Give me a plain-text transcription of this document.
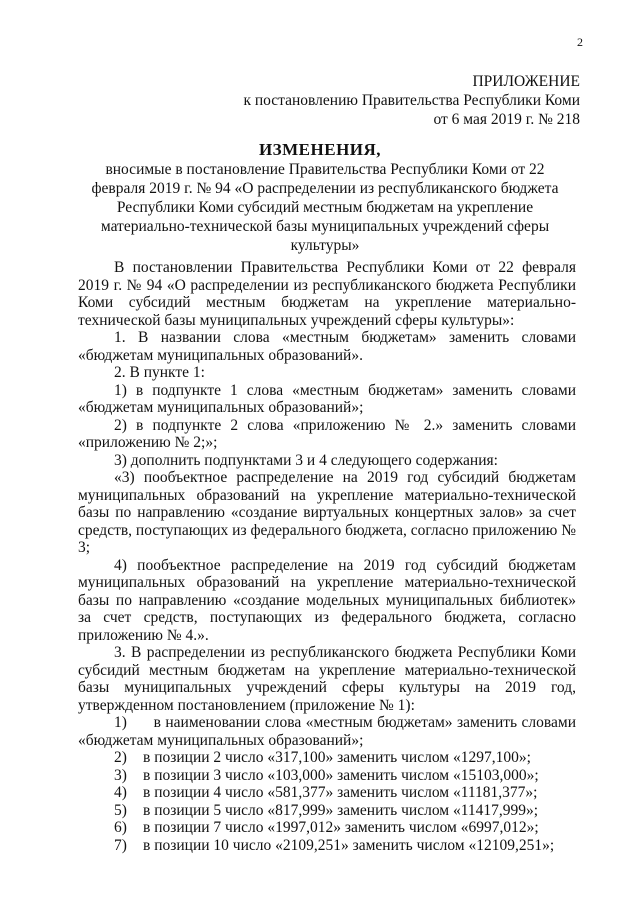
2
ПРИЛОЖЕНИЕ
к постановлению Правительства Республики Коми
от 6 мая 2019 г. № 218
ИЗМЕНЕНИЯ,
вносимые в постановление Правительства Республики Коми от 22 февраля 2019 г. № 94 «О распределении из республиканского бюджета Республики Коми субсидий местным бюджетам на укрепление материально-технической базы муниципальных учреждений сферы культуры»

В постановлении Правительства Республики Коми от 22 февраля 2019 г. № 94 «О распределении из республиканского бюджета Республики Коми субсидий местным бюджетам на укрепление материально-технической базы муниципальных учреждений сферы культуры»:

1. В названии слова «местным бюджетам» заменить словами «бюджетам муниципальных образований».

2. В пункте 1:

1) в подпункте 1 слова «местным бюджетам» заменить словами «бюджетам муниципальных образований»;

2) в подпункте 2 слова «приложению № 2.» заменить словами «приложению № 2;»;

3) дополнить подпунктами 3 и 4 следующего содержания:

«3) пообъектное распределение на 2019 год субсидий бюджетам муниципальных образований на укрепление материально-технической базы по направлению «создание виртуальных концертных залов» за счет средств, поступающих из федерального бюджета, согласно приложению № 3;

4) пообъектное распределение на 2019 год субсидий бюджетам муниципальных образований на укрепление материально-технической базы по направлению «создание модельных муниципальных библиотек» за счет средств, поступающих из федерального бюджета, согласно приложению № 4.».

3. В распределении из республиканского бюджета Республики Коми субсидий местным бюджетам на укрепление материально-технической базы муниципальных учреждений сферы культуры на 2019 год, утвержденном постановлением (приложение № 1):

1) в наименовании слова «местным бюджетам» заменить словами «бюджетам муниципальных образований»;

2)	в позиции 2 число «317,100» заменить числом «1297,100»;
3)	в позиции 3 число «103,000» заменить числом «15103,000»;
4)	в позиции 4 число «581,377» заменить числом «11181,377»;
5)	в позиции 5 число «817,999» заменить числом «11417,999»;
6)	в позиции 7 число «1997,012» заменить числом «6997,012»;
7)	в позиции 10 число «2109,251» заменить числом «12109,251»;
